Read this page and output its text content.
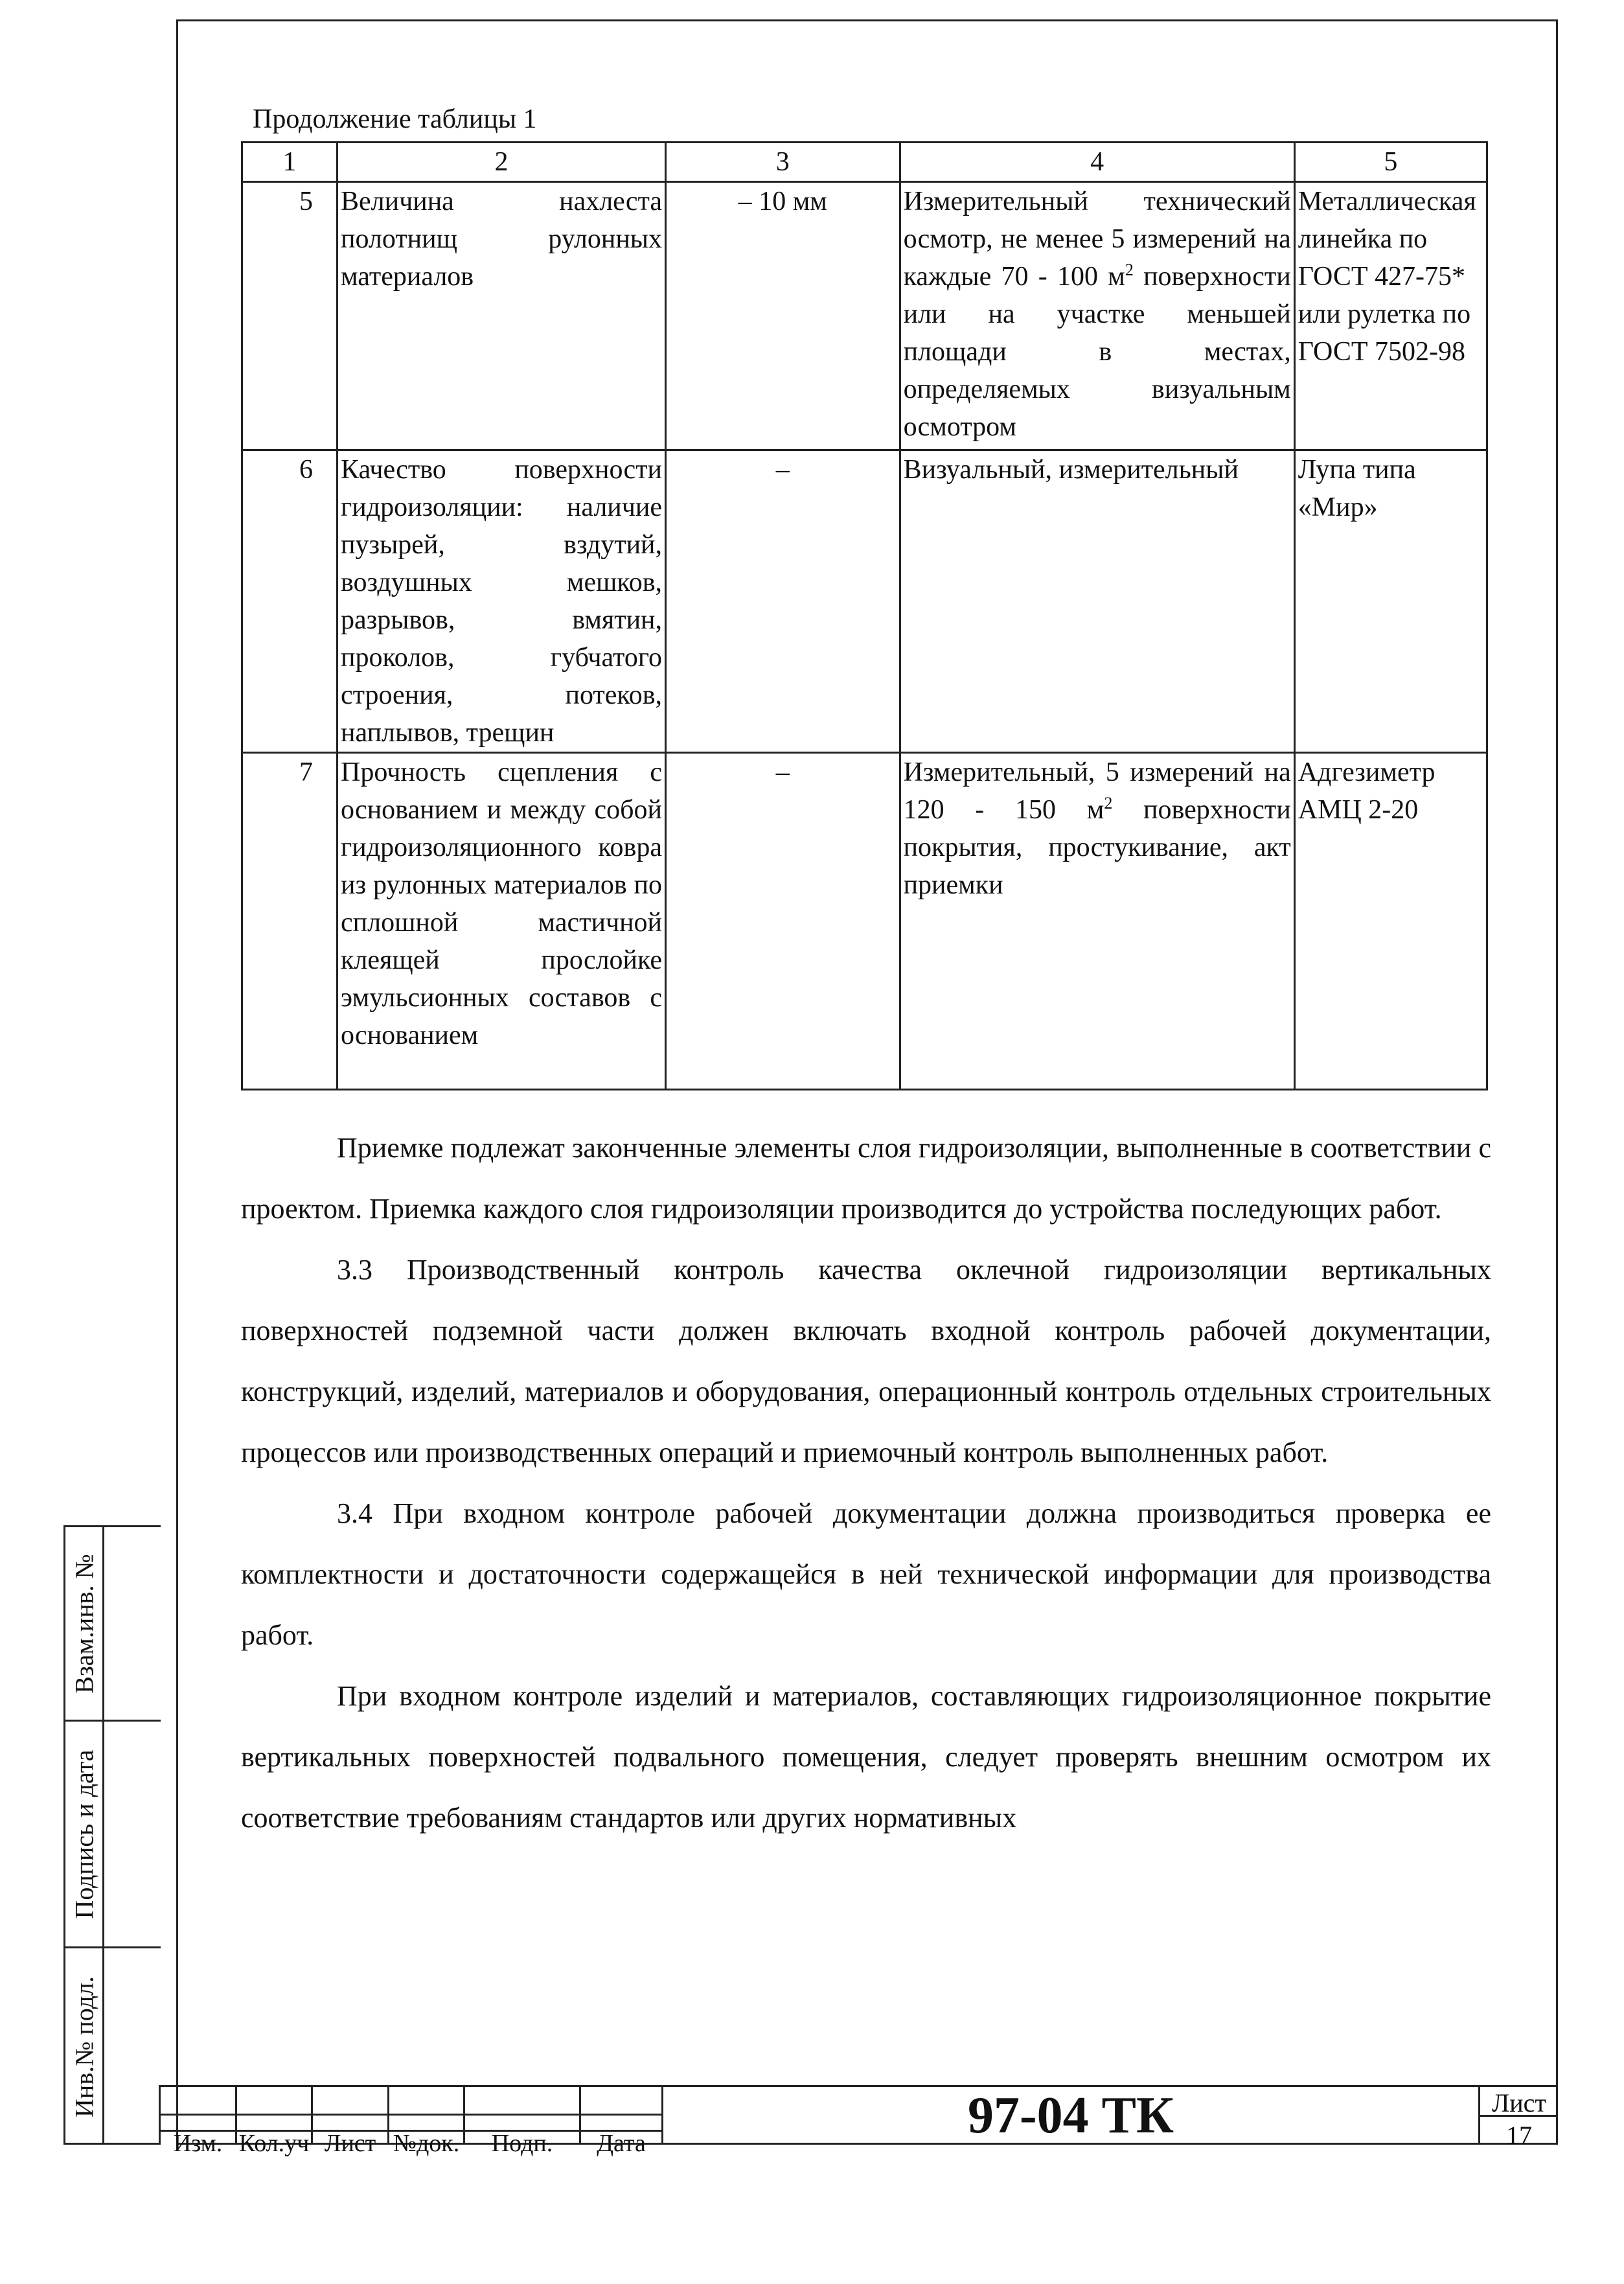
Взам.инв. №
Подпись и дата
Инв.№ подл.
Продолжение таблицы 1
1	2	3	4	5
5	Величина нахлеста полотнищ рулонных материалов	– 10 мм	Измерительный технический осмотр, не менее 5 измерений на каждые 70 - 100 $м^2$ поверхности или на участке меньшей площади в местах, определяемых визуальным осмотром	Металлическая линейка по ГОСТ 427-75* или рулетка по ГОСТ 7502-98
6	Качество поверхности гидроизоляции: наличие пузырей, вздутий, воздушных мешков, разрывов, вмятин, проколов, губчатого строения, потеков, наплывов, трещин	–	Визуальный, измерительный	Лупа типа «Мир»
7	Прочность сцепления с основанием и между собой гидроизоляционного ковра из рулонных материалов по сплошной мастичной клеящей прослойке эмульсионных составов с основанием	–	Измерительный, 5 измерений на 120 - 150 $м^2$ поверхности покрытия, простукивание, акт приемки	Адгезиметр АМЦ 2-20

Приемке подлежат законченные элементы слоя гидроизоляции, выполненные в соответствии с проектом. Приемка каждого слоя гидроизоляции производится до устройства последующих работ.

3.3 Производственный контроль качества оклечной гидроизоляции вертикальных поверхностей подземной части должен включать входной контроль рабочей документации, конструкций, изделий, материалов и оборудования, операционный контроль отдельных строительных процессов или производственных операций и приемочный контроль выполненных работ.

3.4 При входном контроле рабочей документации должна производиться проверка ее комплектности и достаточности содержащейся в ней технической информации для производства работ.

При входном контроле изделий и материалов, составляющих гидроизоляционное покрытие вертикальных поверхностей подвального помещения, следует проверять внешним осмотром их соответствие требованиям стандартов или других нормативных

Изм. Кол.уч Лист №док.	Подп.	Дата	97-04 ТК	Лист
17
